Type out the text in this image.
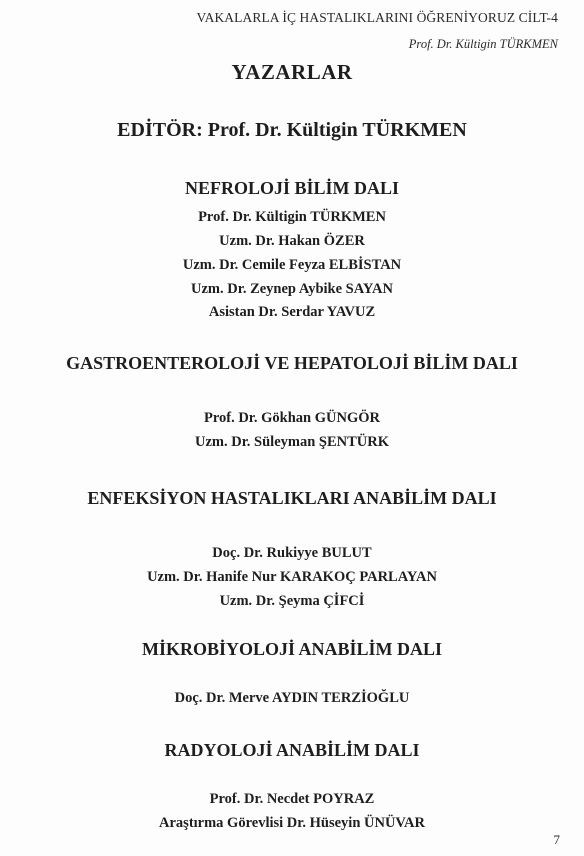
VAKALARLA İÇ HASTALIKLARINI ÖĞRENİYORUZ CİLT-4
Prof. Dr. Kültigin TÜRKMEN
YAZARLAR
EDİTÖR: Prof. Dr. Kültigin TÜRKMEN
NEFROLOJİ BİLİM DALI
Prof. Dr. Kültigin TÜRKMEN
Uzm. Dr. Hakan ÖZER
Uzm. Dr. Cemile Feyza ELBİSTAN
Uzm. Dr. Zeynep Aybike SAYAN
Asistan Dr. Serdar YAVUZ
GASTROENTEROLOJİ VE HEPATOLOJİ BİLİM DALI
Prof. Dr. Gökhan GÜNGÖR
Uzm. Dr. Süleyman ŞENTÜRK
ENFEKSİYON HASTALIKLARI ANABİLİM DALI
Doç. Dr. Rukiyye BULUT
Uzm. Dr. Hanife Nur KARAKOÇ PARLAYAN
Uzm. Dr. Şeyma ÇİFCİ
MİKROBİYOLOJİ ANABİLİM DALI
Doç. Dr. Merve AYDIN TERZİOĞLU
RADYOLOJİ ANABİLİM DALI
Prof. Dr. Necdet POYRAZ
Araştırma Görevlisi Dr. Hüseyin ÜNÜVAR
7
